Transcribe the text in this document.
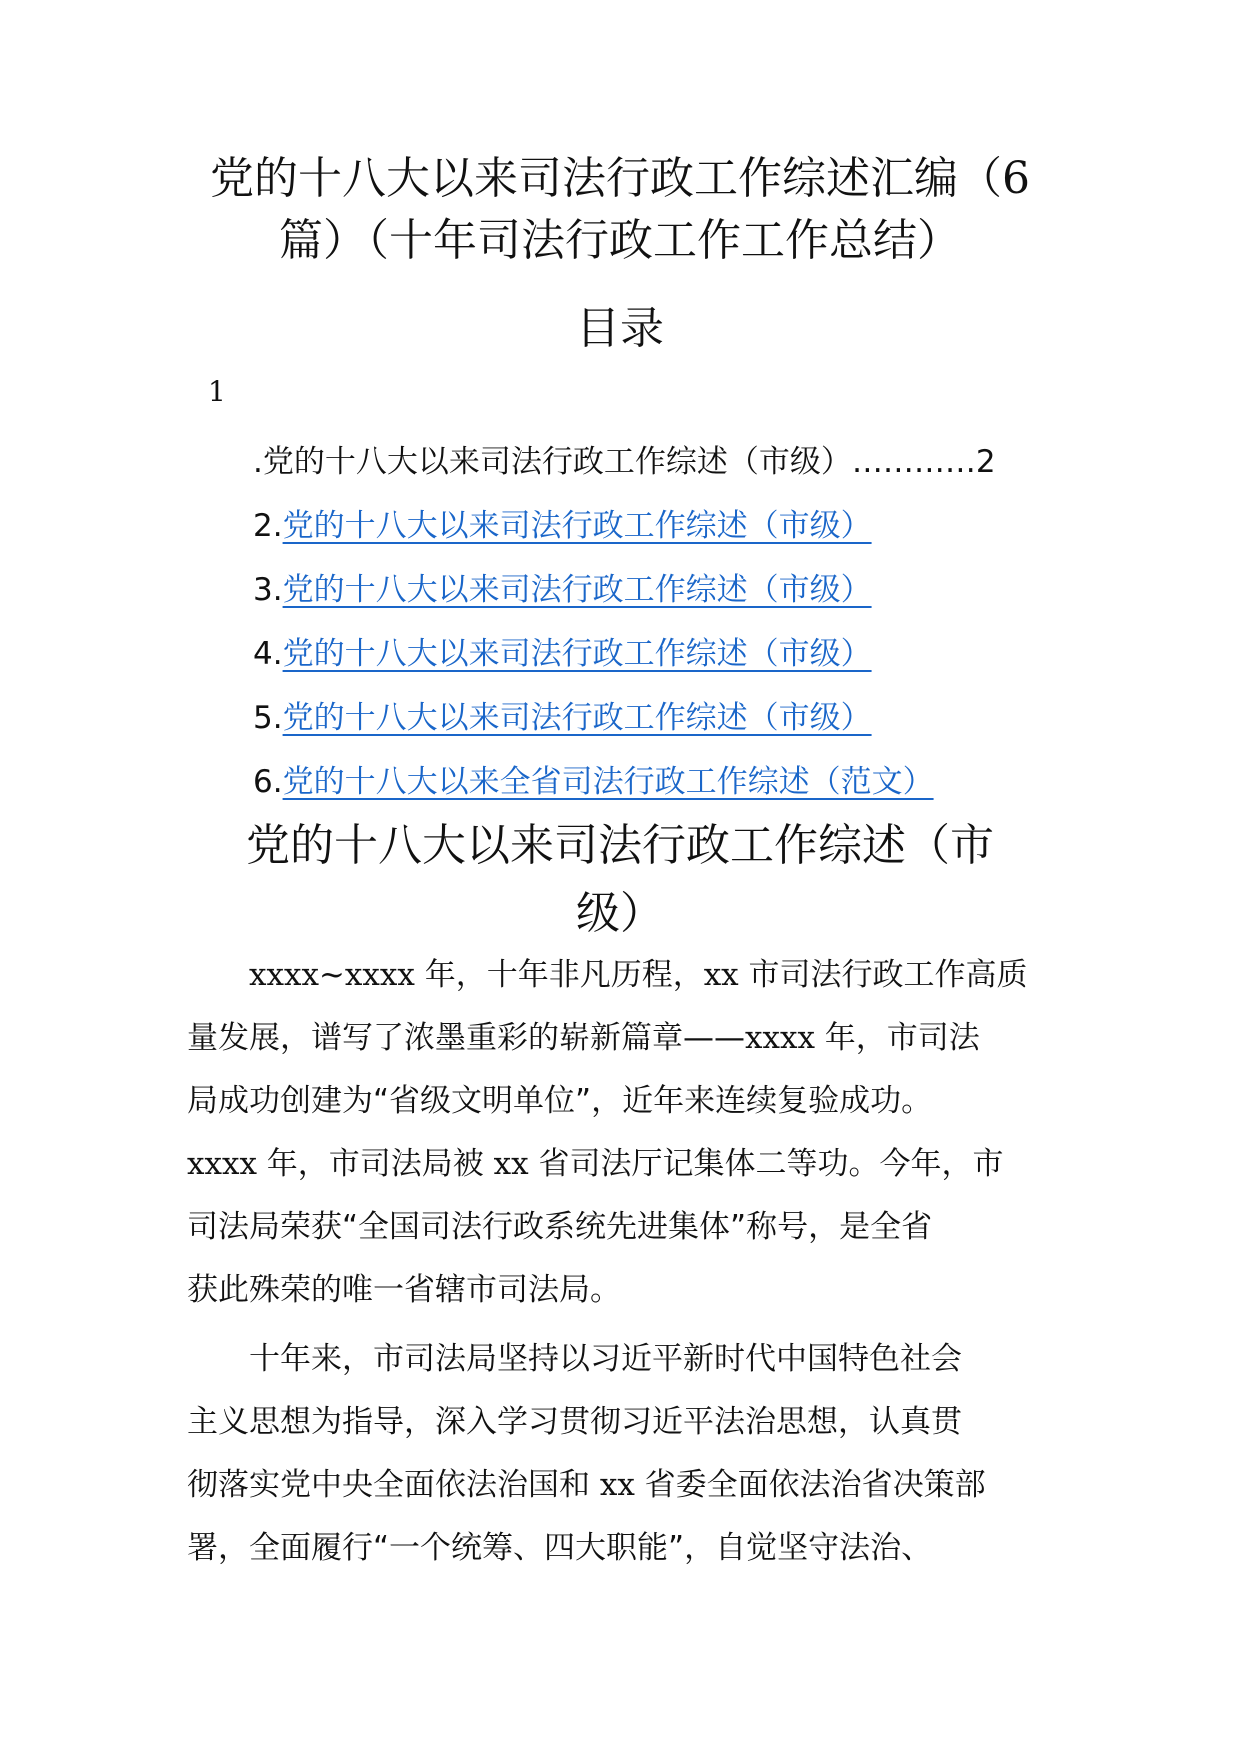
党的十八大以来司法行政工作综述汇编（6
篇）（十年司法行政工作工作总结）
目录
1
.党的十八大以来司法行政工作综述（市级）…………2
2.党的十八大以来司法行政工作综述（市级）
3.党的十八大以来司法行政工作综述（市级）
4.党的十八大以来司法行政工作综述（市级）
5.党的十八大以来司法行政工作综述（市级）
6.党的十八大以来全省司法行政工作综述（范文）
党的十八大以来司法行政工作综述（市
级）
xxxx~xxxx 年，十年非凡历程，xx 市司法行政工作高质
量发展，谱写了浓墨重彩的崭新篇章——xxxx 年，市司法
局成功创建为“省级文明单位”，近年来连续复验成功。
xxxx 年，市司法局被 xx 省司法厅记集体二等功。今年，市
司法局荣获“全国司法行政系统先进集体”称号，是全省
获此殊荣的唯一省辖市司法局。
十年来，市司法局坚持以习近平新时代中国特色社会
主义思想为指导，深入学习贯彻习近平法治思想，认真贯
彻落实党中央全面依法治国和 xx 省委全面依法治省决策部
署，全面履行“一个统筹、四大职能”，自觉坚守法治、
